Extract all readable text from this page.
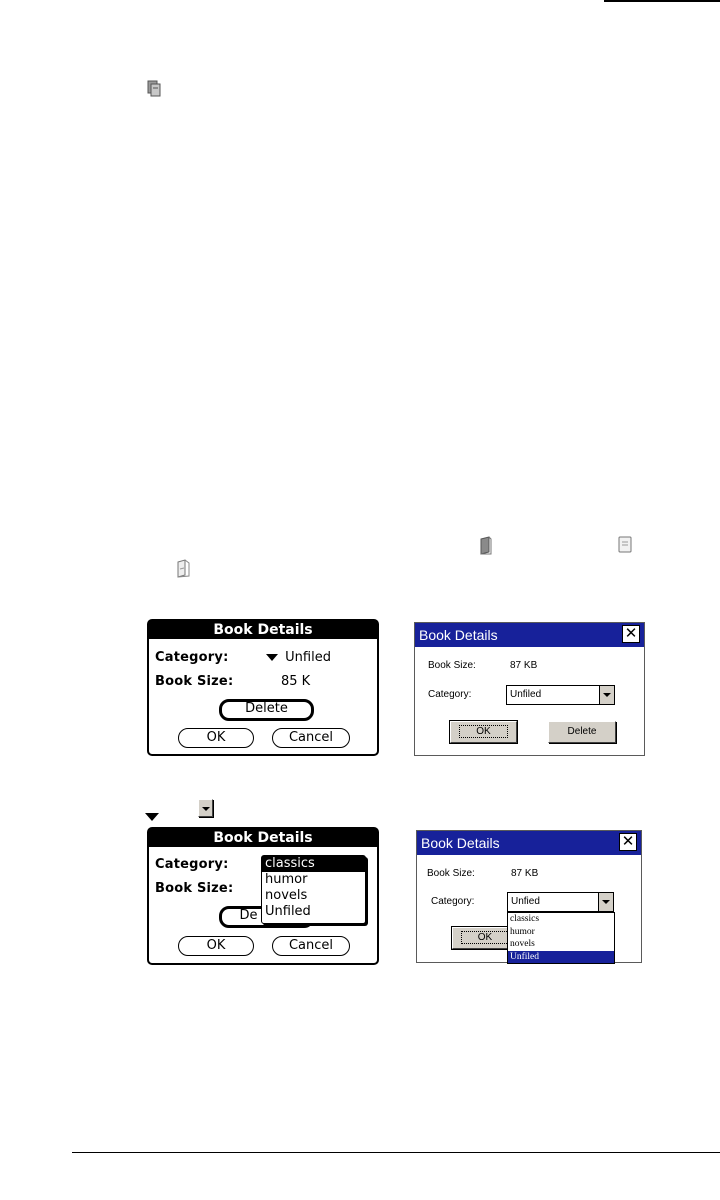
Book Details
Category:	Unfiled
Book Size:	85 K
Delete
OK	Cancel
Book Details	✕
Book Size:	87 KB
Category:	Unfiled
OK	Delete
Book Details
Category:
Book Size:
De
OK	Cancel
classics
humor
novels
Unfiled
Book Details	✕
Book Size:	87 KB
Category:
OK
Unfied
classics
humor
novels
Unfiled
